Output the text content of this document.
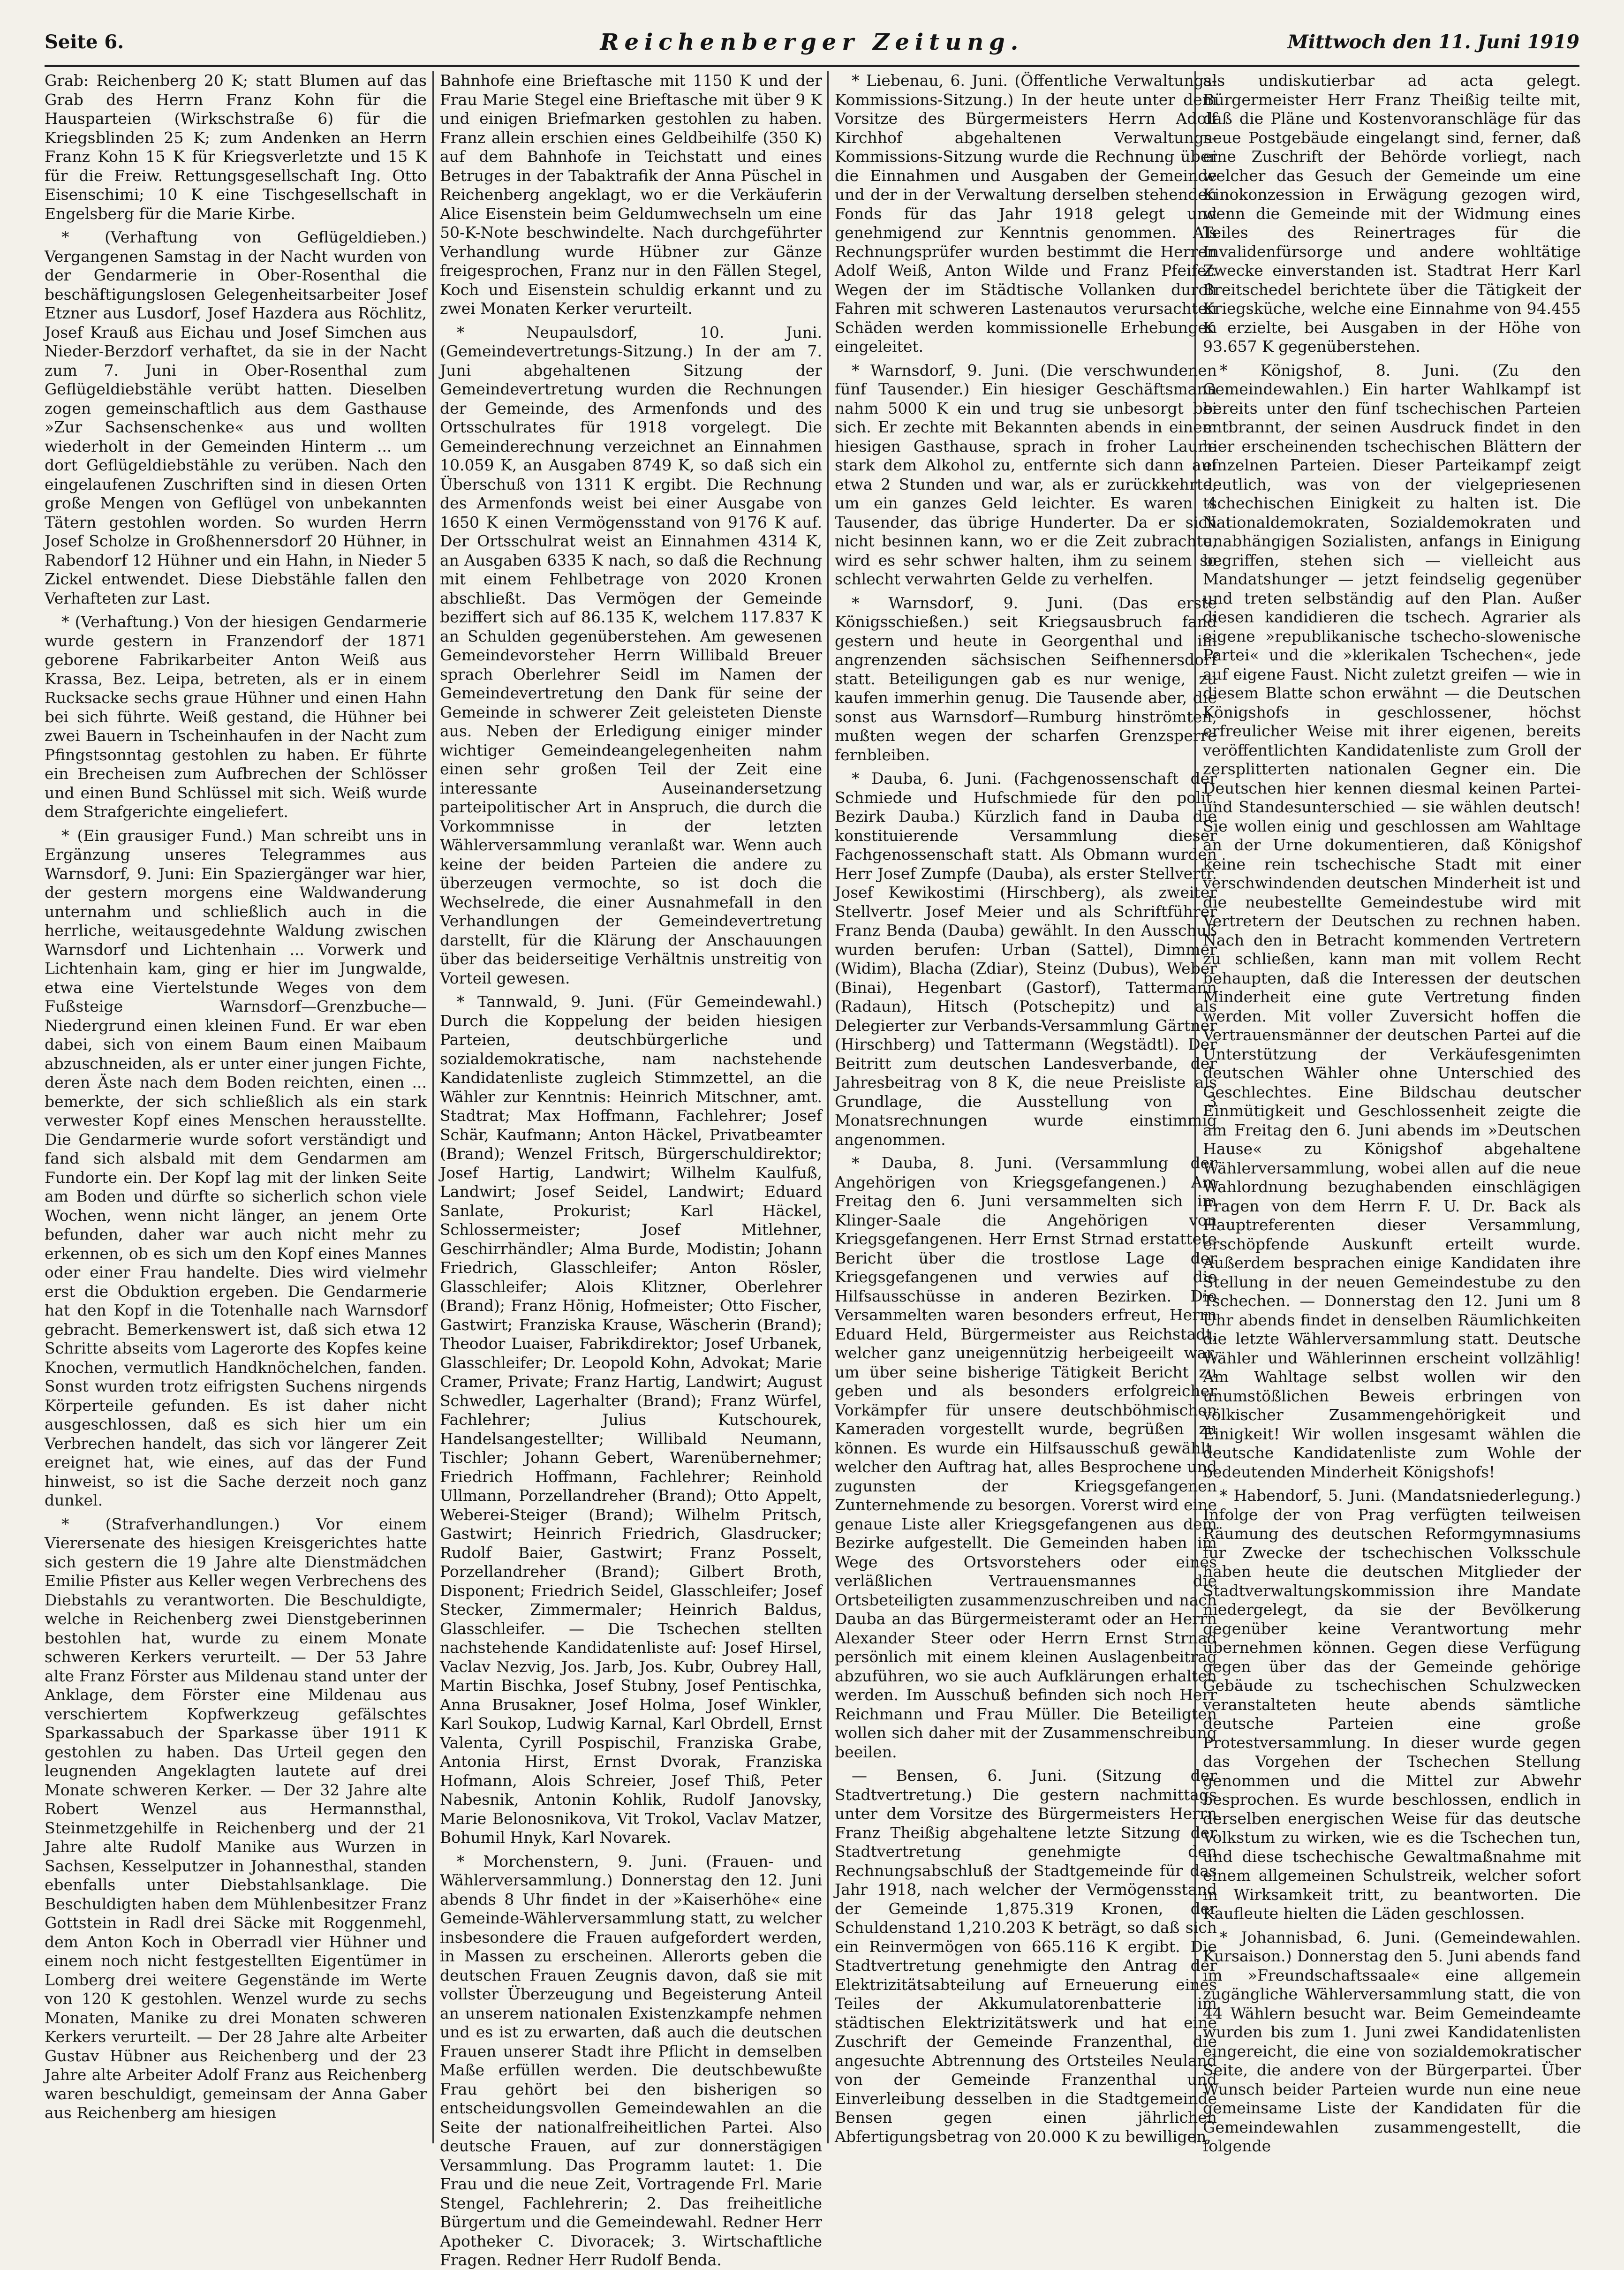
Seite 6.	Reichenberger Zeitung.	Mittwoch den 11. Juni 1919

Grab: Reichenberg 20 K; statt Blumen auf das Grab des Herrn Franz Kohn für die Hausparteien (Wirkschstraße 6) für die Kriegsblinden 25 K; zum Andenken an Herrn Franz Kohn 15 K für Kriegsverletzte und 15 K für die Freiw. Rettungsgesellschaft Ing. Otto Eisenschimi; 10 K eine Tischgesellschaft in Engelsberg für die Marie Kirbe.

* (Verhaftung von Geflügeldieben.) Vergangenen Samstag in der Nacht wurden von der Gendarmerie in Ober-Rosenthal die beschäftigungslosen Gelegenheitsarbeiter Josef Etzner aus Lusdorf, Josef Hazdera aus Röchlitz, Josef Krauß aus Eichau und Josef Simchen aus Nieder-Berzdorf verhaftet, da sie in der Nacht zum 7. Juni in Ober-Rosenthal zum Geflügeldiebstähle verübt hatten. Dieselben zogen gemeinschaftlich aus dem Gasthause »Zur Sachsenschenke« aus und wollten wiederholt in der Gemeinden Hinterm ... um dort Geflügeldiebstähle zu verüben. Nach den eingelaufenen Zuschriften sind in diesen Orten große Mengen von Geflügel von unbekannten Tätern gestohlen worden. So wurden Herrn Josef Scholze in Großhennersdorf 20 Hühner, in Rabendorf 12 Hühner und ein Hahn, in Nieder 5 Zickel entwendet. Diese Diebstähle fallen den Verhafteten zur Last.

* (Verhaftung.) Von der hiesigen Gendarmerie wurde gestern in Franzendorf der 1871 geborene Fabrikarbeiter Anton Weiß aus Krassa, Bez. Leipa, betreten, als er in einem Rucksacke sechs graue Hühner und einen Hahn bei sich führte. Weiß gestand, die Hühner bei zwei Bauern in Tscheinhaufen in der Nacht zum Pfingstsonntag gestohlen zu haben. Er führte ein Brecheisen zum Aufbrechen der Schlösser und einen Bund Schlüssel mit sich. Weiß wurde dem Strafgerichte eingeliefert.

* (Ein grausiger Fund.) Man schreibt uns in Ergänzung unseres Telegrammes aus Warnsdorf, 9. Juni: Ein Spaziergänger war hier, der gestern morgens eine Waldwanderung unternahm und schließlich auch in die herrliche, weitausgedehnte Waldung zwischen Warnsdorf und Lichtenhain ... Vorwerk und Lichtenhain kam, ging er hier im Jungwalde, etwa eine Viertelstunde Weges von dem Fußsteige Warnsdorf—Grenzbuche—Niedergrund einen kleinen Fund. Er war eben dabei, sich von einem Baum einen Maibaum abzuschneiden, als er unter einer jungen Fichte, deren Äste nach dem Boden reichten, einen ... bemerkte, der sich schließlich als ein stark verwester Kopf eines Menschen herausstellte. Die Gendarmerie wurde sofort verständigt und fand sich alsbald mit dem Gendarmen am Fundorte ein. Der Kopf lag mit der linken Seite am Boden und dürfte so sicherlich schon viele Wochen, wenn nicht länger, an jenem Orte befunden, daher war auch nicht mehr zu erkennen, ob es sich um den Kopf eines Mannes oder einer Frau handelte. Dies wird vielmehr erst die Obduktion ergeben. Die Gendarmerie hat den Kopf in die Totenhalle nach Warnsdorf gebracht. Bemerkenswert ist, daß sich etwa 12 Schritte abseits vom Lagerorte des Kopfes keine Knochen, vermutlich Handknöchelchen, fanden. Sonst wurden trotz eifrigsten Suchens nirgends Körperteile gefunden. Es ist daher nicht ausgeschlossen, daß es sich hier um ein Verbrechen handelt, das sich vor längerer Zeit ereignet hat, wie eines, auf das der Fund hinweist, so ist die Sache derzeit noch ganz dunkel.

* (Strafverhandlungen.) Vor einem Vierersenate des hiesigen Kreisgerichtes hatte sich gestern die 19 Jahre alte Dienstmädchen Emilie Pfister aus Keller wegen Verbrechens des Diebstahls zu verantworten. Die Beschuldigte, welche in Reichenberg zwei Dienstgeberinnen bestohlen hat, wurde zu einem Monate schweren Kerkers verurteilt. — Der 53 Jahre alte Franz Förster aus Mildenau stand unter der Anklage, dem Förster eine Mildenau aus verschiertem Kopfwerkzeug gefälschtes Sparkassabuch der Sparkasse über 1911 K gestohlen zu haben. Das Urteil gegen den leugnenden Angeklagten lautete auf drei Monate schweren Kerker. — Der 32 Jahre alte Robert Wenzel aus Hermannsthal, Steinmetzgehilfe in Reichenberg und der 21 Jahre alte Rudolf Manike aus Wurzen in Sachsen, Kesselputzer in Johannesthal, standen ebenfalls unter Diebstahlsanklage. Die Beschuldigten haben dem Mühlenbesitzer Franz Gottstein in Radl drei Säcke mit Roggenmehl, dem Anton Koch in Oberradl vier Hühner und einem noch nicht festgestellten Eigentümer in Lomberg drei weitere Gegenstände im Werte von 120 K gestohlen. Wenzel wurde zu sechs Monaten, Manike zu drei Monaten schweren Kerkers verurteilt. — Der 28 Jahre alte Arbeiter Gustav Hübner aus Reichenberg und der 23 Jahre alte Arbeiter Adolf Franz aus Reichenberg waren beschuldigt, gemeinsam der Anna Gaber aus Reichenberg am hiesigen

Bahnhofe eine Brieftasche mit 1150 K und der Frau Marie Stegel eine Brieftasche mit über 9 K und einigen Briefmarken gestohlen zu haben. Franz allein erschien eines Geldbeihilfe (350 K) auf dem Bahnhofe in Teichstatt und eines Betruges in der Tabaktrafik der Anna Püschel in Reichenberg angeklagt, wo er die Verkäuferin Alice Eisenstein beim Geldumwechseln um eine 50-K-Note beschwindelte. Nach durchgeführter Verhandlung wurde Hübner zur Gänze freigesprochen, Franz nur in den Fällen Stegel, Koch und Eisenstein schuldig erkannt und zu zwei Monaten Kerker verurteilt.

* Neupaulsdorf, 10. Juni. (Gemeindevertretungs-Sitzung.) In der am 7. Juni abgehaltenen Sitzung der Gemeindevertretung wurden die Rechnungen der Gemeinde, des Armenfonds und des Ortsschulrates für 1918 vorgelegt. Die Gemeinderechnung verzeichnet an Einnahmen 10.059 K, an Ausgaben 8749 K, so daß sich ein Überschuß von 1311 K ergibt. Die Rechnung des Armenfonds weist bei einer Ausgabe von 1650 K einen Vermögensstand von 9176 K auf. Der Ortsschulrat weist an Einnahmen 4314 K, an Ausgaben 6335 K nach, so daß die Rechnung mit einem Fehlbetrage von 2020 Kronen abschließt. Das Vermögen der Gemeinde beziffert sich auf 86.135 K, welchem 117.837 K an Schulden gegenüberstehen. Am gewesenen Gemeindevorsteher Herrn Willibald Breuer sprach Oberlehrer Seidl im Namen der Gemeindevertretung den Dank für seine der Gemeinde in schwerer Zeit geleisteten Dienste aus. Neben der Erledigung einiger minder wichtiger Gemeindeangelegenheiten nahm einen sehr großen Teil der Zeit eine interessante Auseinandersetzung parteipolitischer Art in Anspruch, die durch die Vorkommnisse in der letzten Wählerversammlung veranlaßt war. Wenn auch keine der beiden Parteien die andere zu überzeugen vermochte, so ist doch die Wechselrede, die einer Ausnahmefall in den Verhandlungen der Gemeindevertretung darstellt, für die Klärung der Anschauungen über das beiderseitige Verhältnis unstreitig von Vorteil gewesen.

* Tannwald, 9. Juni. (Für Gemeindewahl.) Durch die Koppelung der beiden hiesigen Parteien, deutschbürgerliche und sozialdemokratische, nam nachstehende Kandidatenliste zugleich Stimmzettel, an die Wähler zur Kenntnis: Heinrich Mitschner, amt. Stadtrat; Max Hoffmann, Fachlehrer; Josef Schär, Kaufmann; Anton Häckel, Privatbeamter (Brand); Wenzel Fritsch, Bürgerschuldirektor; Josef Hartig, Landwirt; Wilhelm Kaulfuß, Landwirt; Josef Seidel, Landwirt; Eduard Sanlate, Prokurist; Karl Häckel, Schlossermeister; Josef Mitlehner, Geschirrhändler; Alma Burde, Modistin; Johann Friedrich, Glasschleifer; Anton Rösler, Glasschleifer; Alois Klitzner, Oberlehrer (Brand); Franz Hönig, Hofmeister; Otto Fischer, Gastwirt; Franziska Krause, Wäscherin (Brand); Theodor Luaiser, Fabrikdirektor; Josef Urbanek, Glasschleifer; Dr. Leopold Kohn, Advokat; Marie Cramer, Private; Franz Hartig, Landwirt; August Schwedler, Lagerhalter (Brand); Franz Würfel, Fachlehrer; Julius Kutschourek, Handelsangestellter; Willibald Neumann, Tischler; Johann Gebert, Warenübernehmer; Friedrich Hoffmann, Fachlehrer; Reinhold Ullmann, Porzellandreher (Brand); Otto Appelt, Weberei-Steiger (Brand); Wilhelm Pritsch, Gastwirt; Heinrich Friedrich, Glasdrucker; Rudolf Baier, Gastwirt; Franz Posselt, Porzellandreher (Brand); Gilbert Broth, Disponent; Friedrich Seidel, Glasschleifer; Josef Stecker, Zimmermaler; Heinrich Baldus, Glasschleifer. — Die Tschechen stellten nachstehende Kandidatenliste auf: Josef Hirsel, Vaclav Nezvig, Jos. Jarb, Jos. Kubr, Oubrey Hall, Martin Bischka, Josef Stubny, Josef Pentischka, Anna Brusakner, Josef Holma, Josef Winkler, Karl Soukop, Ludwig Karnal, Karl Obrdell, Ernst Valenta, Cyrill Pospischil, Franziska Grabe, Antonia Hirst, Ernst Dvorak, Franziska Hofmann, Alois Schreier, Josef Thiß, Peter Nabesnik, Antonin Kohlik, Rudolf Janovsky, Marie Belonosnikova, Vit Trokol, Vaclav Matzer, Bohumil Hnyk, Karl Novarek.

* Morchenstern, 9. Juni. (Frauen- und Wählerversammlung.) Donnerstag den 12. Juni abends 8 Uhr findet in der »Kaiserhöhe« eine Gemeinde-Wählerversammlung statt, zu welcher insbesondere die Frauen aufgefordert werden, in Massen zu erscheinen. Allerorts geben die deutschen Frauen Zeugnis davon, daß sie mit vollster Überzeugung und Begeisterung Anteil an unserem nationalen Existenzkampfe nehmen und es ist zu erwarten, daß auch die deutschen Frauen unserer Stadt ihre Pflicht in demselben Maße erfüllen werden. Die deutschbewußte Frau gehört bei den bisherigen so entscheidungsvollen Gemeindewahlen an die Seite der nationalfreiheitlichen Partei. Also deutsche Frauen, auf zur donnerstägigen Versammlung. Das Programm lautet: 1. Die Frau und die neue Zeit, Vortragende Frl. Marie Stengel, Fachlehrerin; 2. Das freiheitliche Bürgertum und die Gemeindewahl. Redner Herr Apotheker C. Divoracek; 3. Wirtschaftliche Fragen. Redner Herr Rudolf Benda.

* Liebenau, 6. Juni. (Öffentliche Verwaltungs-Kommissions-Sitzung.) In der heute unter dem Vorsitze des Bürgermeisters Herrn Adolf Kirchhof abgehaltenen Verwaltungs-Kommissions-Sitzung wurde die Rechnung über die Einnahmen und Ausgaben der Gemeinde und der in der Verwaltung derselben stehenden Fonds für das Jahr 1918 gelegt und genehmigend zur Kenntnis genommen. Als Rechnungsprüfer wurden bestimmt die Herren Adolf Weiß, Anton Wilde und Franz Pfeifer. Wegen der im Städtische Vollanken durch Fahren mit schweren Lastenautos verursachten Schäden werden kommissionelle Erhebungen eingeleitet.

* Warnsdorf, 9. Juni. (Die verschwundenen fünf Tausender.) Ein hiesiger Geschäftsmann nahm 5000 K ein und trug sie unbesorgt bei sich. Er zechte mit Bekannten abends in einem hiesigen Gasthause, sprach in froher Laune stark dem Alkohol zu, entfernte sich dann auf etwa 2 Stunden und war, als er zurückkehrte, um ein ganzes Geld leichter. Es waren 4 Tausender, das übrige Hunderter. Da er sich nicht besinnen kann, wo er die Zeit zubrachte, wird es sehr schwer halten, ihm zu seinem so schlecht verwahrten Gelde zu verhelfen.

* Warnsdorf, 9. Juni. (Das erste Königsschießen.) seit Kriegsausbruch fand gestern und heute in Georgenthal und im angrenzenden sächsischen Seifhennersdorf statt. Beteiligungen gab es nur wenige, zu kaufen immerhin genug. Die Tausende aber, die sonst aus Warnsdorf—Rumburg hinströmten, mußten wegen der scharfen Grenzsperre fernbleiben.

* Dauba, 6. Juni. (Fachgenossenschaft der Schmiede und Hufschmiede für den polit. Bezirk Dauba.) Kürzlich fand in Dauba die konstituierende Versammlung dieser Fachgenossenschaft statt. Als Obmann wurden Herr Josef Zumpfe (Dauba), als erster Stellvertr. Josef Kewikostimi (Hirschberg), als zweiter Stellvertr. Josef Meier und als Schriftführer Franz Benda (Dauba) gewählt. In den Ausschuß wurden berufen: Urban (Sattel), Dimmer (Widim), Blacha (Zdiar), Steinz (Dubus), Weber (Binai), Hegenbart (Gastorf), Tattermann (Radaun), Hitsch (Potschepitz) und als Delegierter zur Verbands-Versammlung Gärtner (Hirschberg) und Tattermann (Wegstädtl). Der Beitritt zum deutschen Landesverbande, der Jahresbeitrag von 8 K, die neue Preisliste als Grundlage, die Ausstellung von 3 Monatsrechnungen wurde einstimmig angenommen.

* Dauba, 8. Juni. (Versammlung der Angehörigen von Kriegsgefangenen.) Am Freitag den 6. Juni versammelten sich im Klinger-Saale die Angehörigen von Kriegsgefangenen. Herr Ernst Strnad erstattete Bericht über die trostlose Lage der Kriegsgefangenen und verwies auf die Hilfsausschüsse in anderen Bezirken. Die Versammelten waren besonders erfreut, Herrn Eduard Held, Bürgermeister aus Reichstadt, welcher ganz uneigennützig herbeigeeilt war, um über seine bisherige Tätigkeit Bericht zu geben und als besonders erfolgreicher Vorkämpfer für unsere deutschböhmischen Kameraden vorgestellt wurde, begrüßen zu können. Es wurde ein Hilfsausschuß gewählt, welcher den Auftrag hat, alles Besprochene und zugunsten der Kriegsgefangenen Zunternehmende zu besorgen. Vorerst wird eine genaue Liste aller Kriegsgefangenen aus dem Bezirke aufgestellt. Die Gemeinden haben im Wege des Ortsvorstehers oder eines verläßlichen Vertrauensmannes die Ortsbeteiligten zusammenzuschreiben und nach Dauba an das Bürgermeisteramt oder an Herrn Alexander Steer oder Herrn Ernst Strnad persönlich mit einem kleinen Auslagenbeitrag abzuführen, wo sie auch Aufklärungen erhalten werden. Im Ausschuß befinden sich noch Herr Reichmann und Frau Müller. Die Beteiligten wollen sich daher mit der Zusammenschreibung beeilen.

— Bensen, 6. Juni. (Sitzung der Stadtvertretung.) Die gestern nachmittags unter dem Vorsitze des Bürgermeisters Herrn Franz Theißig abgehaltene letzte Sitzung der Stadtvertretung genehmigte den Rechnungsabschluß der Stadtgemeinde für das Jahr 1918, nach welcher der Vermögensstand der Gemeinde 1,875.319 Kronen, der Schuldenstand 1,210.203 K beträgt, so daß sich ein Reinvermögen von 665.116 K ergibt. Die Stadtvertretung genehmigte den Antrag der Elektrizitätsabteilung auf Erneuerung eines Teiles der Akkumulatorenbatterie im städtischen Elektrizitätswerk und hat eine Zuschrift der Gemeinde Franzenthal, die angesuchte Abtrennung des Ortsteiles Neuland von der Gemeinde Franzenthal und Einverleibung desselben in die Stadtgemeinde Bensen gegen einen jährlichen Abfertigungsbetrag von 20.000 K zu bewilligen,

als undiskutierbar ad acta gelegt. Bürgermeister Herr Franz Theißig teilte mit, daß die Pläne und Kostenvoranschläge für das neue Postgebäude eingelangt sind, ferner, daß eine Zuschrift der Behörde vorliegt, nach welcher das Gesuch der Gemeinde um eine Kinokonzession in Erwägung gezogen wird, wenn die Gemeinde mit der Widmung eines Teiles des Reinertrages für die Invalidenfürsorge und andere wohltätige Zwecke einverstanden ist. Stadtrat Herr Karl Breitschedel berichtete über die Tätigkeit der Kriegsküche, welche eine Einnahme von 94.455 K erzielte, bei Ausgaben in der Höhe von 93.657 K gegenüberstehen.

* Königshof, 8. Juni. (Zu den Gemeindewahlen.) Ein harter Wahlkampf ist bereits unter den fünf tschechischen Parteien entbrannt, der seinen Ausdruck findet in den hier erscheinenden tschechischen Blättern der einzelnen Parteien. Dieser Parteikampf zeigt deutlich, was von der vielgepriesenen tschechischen Einigkeit zu halten ist. Die Nationaldemokraten, Sozialdemokraten und unabhängigen Sozialisten, anfangs in Einigung begriffen, stehen sich — vielleicht aus Mandatshunger — jetzt feindselig gegenüber und treten selbständig auf den Plan. Außer diesen kandidieren die tschech. Agrarier als eigene »republikanische tschecho-slowenische Partei« und die »klerikalen Tschechen«, jede auf eigene Faust. Nicht zuletzt greifen — wie in diesem Blatte schon erwähnt — die Deutschen Königshofs in geschlossener, höchst erfreulicher Weise mit ihrer eigenen, bereits veröffentlichten Kandidatenliste zum Groll der zersplitterten nationalen Gegner ein. Die Deutschen hier kennen diesmal keinen Partei- und Standesunterschied — sie wählen deutsch! Sie wollen einig und geschlossen am Wahltage an der Urne dokumentieren, daß Königshof keine rein tschechische Stadt mit einer verschwindenden deutschen Minderheit ist und die neubestellte Gemeindestube wird mit Vertretern der Deutschen zu rechnen haben. Nach den in Betracht kommenden Vertretern zu schließen, kann man mit vollem Recht behaupten, daß die Interessen der deutschen Minderheit eine gute Vertretung finden werden. Mit voller Zuversicht hoffen die Vertrauensmänner der deutschen Partei auf die Unterstützung der Verkäufesgenimten deutschen Wähler ohne Unterschied des Geschlechtes. Eine Bildschau deutscher Einmütigkeit und Geschlossenheit zeigte die am Freitag den 6. Juni abends im »Deutschen Hause« zu Königshof abgehaltene Wählerversammlung, wobei allen auf die neue Wahlordnung bezughabenden einschlägigen Fragen von dem Herrn F. U. Dr. Back als Hauptreferenten dieser Versammlung, erschöpfende Auskunft erteilt wurde. Außerdem besprachen einige Kandidaten ihre Stellung in der neuen Gemeindestube zu den Tschechen. — Donnerstag den 12. Juni um 8 Uhr abends findet in denselben Räumlichkeiten die letzte Wählerversammlung statt. Deutsche Wähler und Wählerinnen erscheint vollzählig! Am Wahltage selbst wollen wir den unumstößlichen Beweis erbringen von völkischer Zusammengehörigkeit und Einigkeit! Wir wollen insgesamt wählen die deutsche Kandidatenliste zum Wohle der bedeutenden Minderheit Königshofs!

* Habendorf, 5. Juni. (Mandatsniederlegung.) Infolge der von Prag verfügten teilweisen Räumung des deutschen Reformgymnasiums für Zwecke der tschechischen Volksschule haben heute die deutschen Mitglieder der Stadtverwaltungskommission ihre Mandate niedergelegt, da sie der Bevölkerung gegenüber keine Verantwortung mehr übernehmen können. Gegen diese Verfügung gegen über das der Gemeinde gehörige Gebäude zu tschechischen Schulzwecken veranstalteten heute abends sämtliche deutsche Parteien eine große Protestversammlung. In dieser wurde gegen das Vorgehen der Tschechen Stellung genommen und die Mittel zur Abwehr besprochen. Es wurde beschlossen, endlich in derselben energischen Weise für das deutsche Volkstum zu wirken, wie es die Tschechen tun, und diese tschechische Gewaltmaßnahme mit einem allgemeinen Schulstreik, welcher sofort in Wirksamkeit tritt, zu beantworten. Die Kaufleute hielten die Läden geschlossen.

* Johannisbad, 6. Juni. (Gemeindewahlen. Kursaison.) Donnerstag den 5. Juni abends fand im »Freundschaftssaale« eine allgemein zugängliche Wählerversammlung statt, die von 44 Wählern besucht war. Beim Gemeindeamte wurden bis zum 1. Juni zwei Kandidatenlisten eingereicht, die eine von sozialdemokratischer Seite, die andere von der Bürgerpartei. Über Wunsch beider Parteien wurde nun eine neue gemeinsame Liste der Kandidaten für die Gemeindewahlen zusammengestellt, die folgende
